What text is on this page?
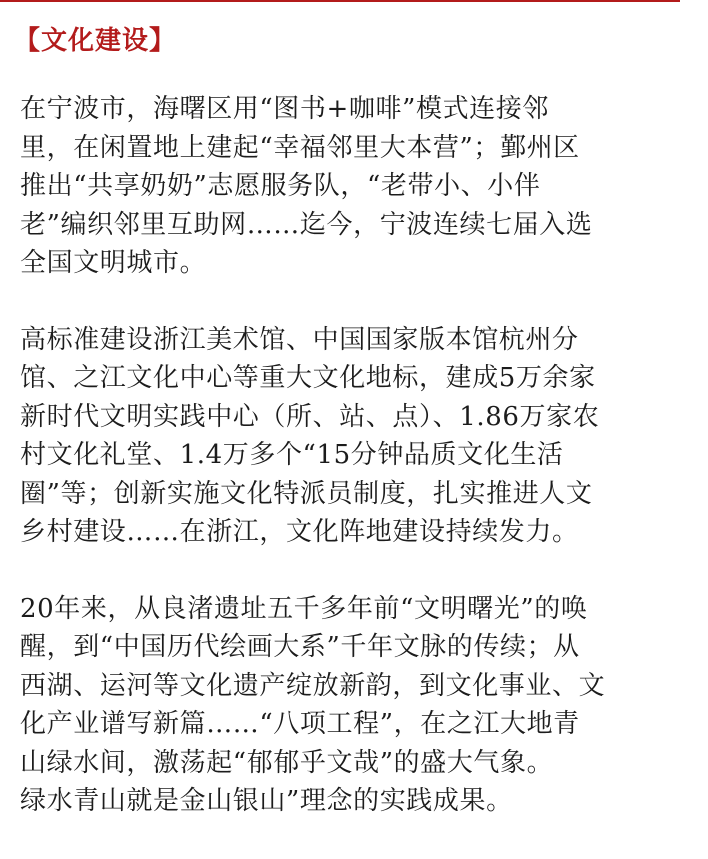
【文化建设】

在宁波市，海曙区用“图书+咖啡”模式连接邻
里，在闲置地上建起“幸福邻里大本营”；鄞州区
推出“共享奶奶”志愿服务队，“老带小、小伴
老”编织邻里互助网……迄今，宁波连续七届入选
全国文明城市。

高标准建设浙江美术馆、中国国家版本馆杭州分
馆、之江文化中心等重大文化地标，建成5万余家
新时代文明实践中心（所、站、点）、1.86万家农
村文化礼堂、1.4万多个“15分钟品质文化生活
圈”等；创新实施文化特派员制度，扎实推进人文
乡村建设……在浙江，文化阵地建设持续发力。

20年来，从良渚遗址五千多年前“文明曙光”的唤
醒，到“中国历代绘画大系”千年文脉的传续；从
西湖、运河等文化遗产绽放新韵，到文化事业、文
化产业谱写新篇……“八项工程”，在之江大地青
山绿水间，激荡起“郁郁乎文哉”的盛大气象。
绿水青山就是金山银山”理念的实践成果。
